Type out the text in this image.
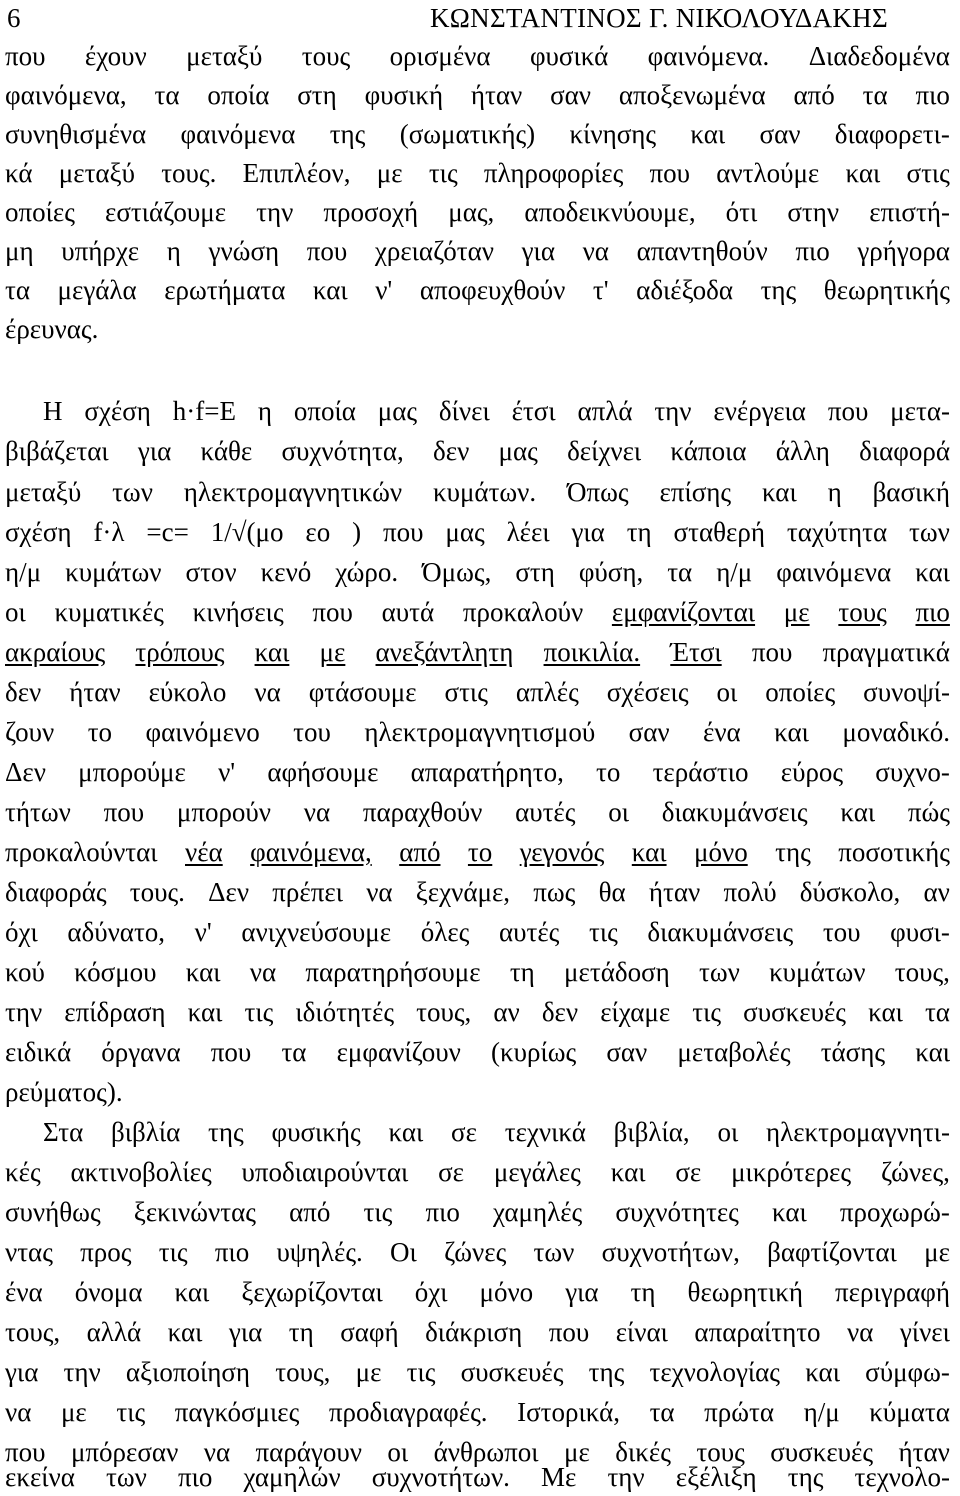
6	ΚΩΝΣΤΑΝΤΙΝΟΣ Γ. ΝΙΚΟΛΟΥΔΑΚΗΣ
που έχουν μεταξύ τους ορισμένα φυσικά φαινόμενα. Διαδεδομένα
φαινόμενα, τα οποία στη φυσική ήταν σαν αποξενωμένα από τα πιο
συνηθισμένα φαινόμενα της (σωματικής) κίνησης και σαν διαφορετι-
κά μεταξύ τους. Επιπλέον, με τις πληροφορίες που αντλούμε και στις
οποίες εστιάζουμε την προσοχή μας, αποδεικνύουμε, ότι στην επιστή-
μη υπήρχε η γνώση που χρειαζόταν για να απαντηθούν πιο γρήγορα
τα μεγάλα ερωτήματα και ν' αποφευχθούν τ' αδιέξοδα της θεωρητικής
έρευνας.
Η σχέση h·f=E η οποία μας δίνει έτσι απλά την ενέργεια που μετα-
βιβάζεται για κάθε συχνότητα, δεν μας δείχνει κάποια άλλη διαφορά
μεταξύ των ηλεκτρομαγνητικών κυμάτων. Όπως επίσης και η βασική
σχέση f·λ =c= 1/√(μο εο ) που μας λέει για τη σταθερή ταχύτητα των
η/μ κυμάτων στον κενό χώρο. Όμως, στη φύση, τα η/μ φαινόμενα και
οι κυματικές κινήσεις που αυτά προκαλούν εμφανίζονται με τους πιο
ακραίους τρόπους και με ανεξάντλητη ποικιλία. Έτσι που πραγματικά
δεν ήταν εύκολο να φτάσουμε στις απλές σχέσεις οι οποίες συνοψί-
ζουν το φαινόμενο του ηλεκτρομαγνητισμού σαν ένα και μοναδικό.
Δεν μπορούμε ν' αφήσουμε απαρατήρητο, το τεράστιο εύρος συχνο-
τήτων που μπορούν να παραχθούν αυτές οι διακυμάνσεις και πώς
προκαλούνται νέα φαινόμενα, από το γεγονός και μόνο της ποσοτικής
διαφοράς τους. Δεν πρέπει να ξεχνάμε, πως θα ήταν πολύ δύσκολο, αν
όχι αδύνατο, ν' ανιχνεύσουμε όλες αυτές τις διακυμάνσεις του φυσι-
κού κόσμου και να παρατηρήσουμε τη μετάδοση των κυμάτων τους,
την επίδραση και τις ιδιότητές τους, αν δεν είχαμε τις συσκευές και τα
ειδικά όργανα που τα εμφανίζουν (κυρίως σαν μεταβολές τάσης και
ρεύματος).
Στα βιβλία της φυσικής και σε τεχνικά βιβλία, οι ηλεκτρομαγνητι-
κές ακτινοβολίες υποδιαιρούνται σε μεγάλες και σε μικρότερες ζώνες,
συνήθως ξεκινώντας από τις πιο χαμηλές συχνότητες και προχωρώ-
ντας προς τις πιο υψηλές. Οι ζώνες των συχνοτήτων, βαφτίζονται με
ένα όνομα και ξεχωρίζονται όχι μόνο για τη θεωρητική περιγραφή
τους, αλλά και για τη σαφή διάκριση που είναι απαραίτητο να γίνει
για την αξιοποίηση τους, με τις συσκευές της τεχνολογίας και σύμφω-
να με τις παγκόσμιες προδιαγραφές. Ιστορικά, τα πρώτα η/μ κύματα
που μπόρεσαν να παράγουν οι άνθρωποι με δικές τους συσκευές ήταν
εκείνα των πιο χαμηλών συχνοτήτων. Με την εξέλιξη της τεχνολο-
